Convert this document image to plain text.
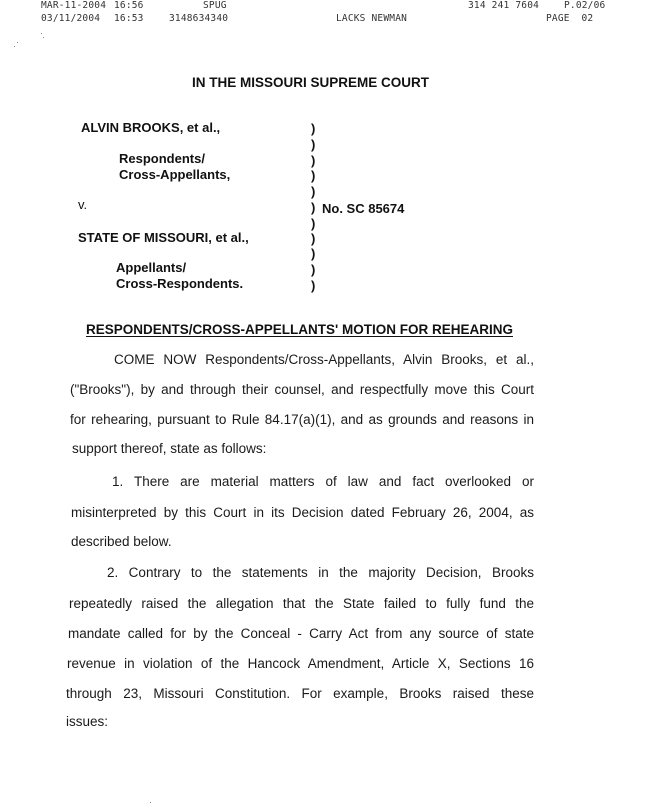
MAR-11-2004 16:56	SPUG	314 241 7604	P.02/06
03/11/2004 16:53	3148634340	LACKS NEWMAN	PAGE  02
IN THE MISSOURI SUPREME COURT
ALVIN BROOKS, et al.,
Respondents/
Cross-Appellants,
v.
STATE OF MISSOURI, et al.,
Appellants/
Cross-Respondents.
)
)
)
)
)
)
)
)
)
)
)
No. SC 85674
RESPONDENTS/CROSS-APPELLANTS' MOTION FOR REHEARING
COME NOW Respondents/Cross-Appellants, Alvin Brooks, et al.,
("Brooks"), by and through their counsel, and respectfully move this Court
for rehearing, pursuant to Rule 84.17(a)(1), and as grounds and reasons in
support thereof, state as follows:
1. There are material matters of law and fact overlooked or
misinterpreted by this Court in its Decision dated February 26, 2004, as
described below.
2. Contrary to the statements in the majority Decision, Brooks
repeatedly raised the allegation that the State failed to fully fund the
mandate called for by the Conceal - Carry Act from any source of state
revenue in violation of the Hancock Amendment, Article X, Sections 16
through 23, Missouri Constitution. For example, Brooks raised these
issues:
